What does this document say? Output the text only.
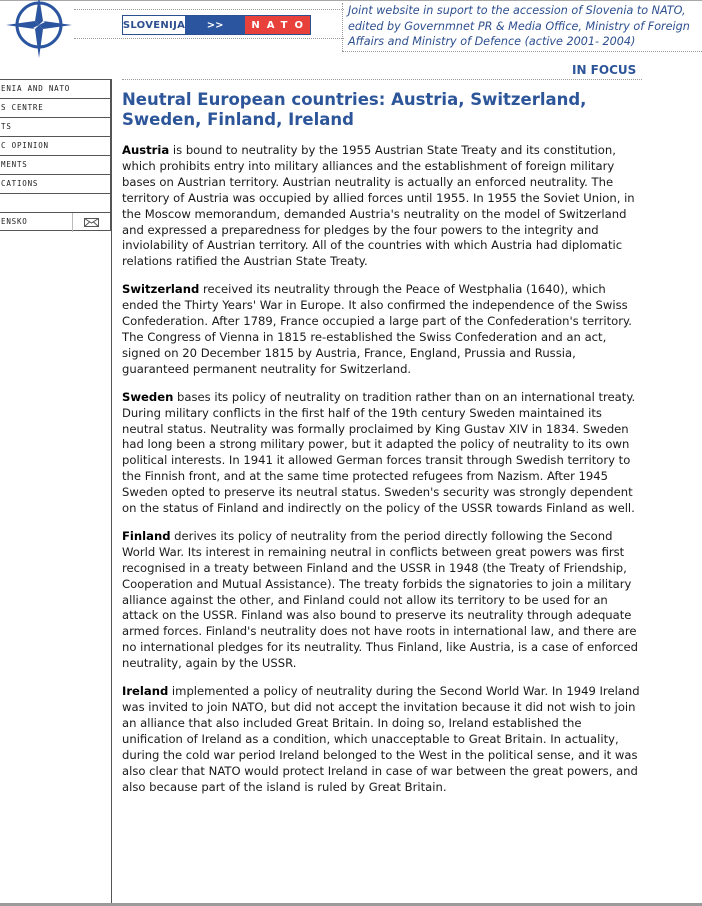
SLOVENIJA	>>	NATO
Joint website in suport to the accession of Slovenia to NATO, edited by Governmnet PR & Media Office, Ministry of Foreign Affairs and Ministry of Defence (active 2001- 2004)
IN FOCUS
ENIA AND NATO
S CENTRE
TS
C OPINION
MENTS
CATIONS
ENSKO
Neutral European countries: Austria, Switzerland, Sweden, Finland, Ireland

Austria is bound to neutrality by the 1955 Austrian State Treaty and its constitution, which prohibits entry into military alliances and the establishment of foreign military bases on Austrian territory. Austrian neutrality is actually an enforced neutrality. The territory of Austria was occupied by allied forces until 1955. In 1955 the Soviet Union, in the Moscow memorandum, demanded Austria's neutrality on the model of Switzerland and expressed a preparedness for pledges by the four powers to the integrity and inviolability of Austrian territory. All of the countries with which Austria had diplomatic relations ratified the Austrian State Treaty.

Switzerland received its neutrality through the Peace of Westphalia (1640), which ended the Thirty Years' War in Europe. It also confirmed the independence of the Swiss Confederation. After 1789, France occupied a large part of the Confederation's territory. The Congress of Vienna in 1815 re-established the Swiss Confederation and an act, signed on 20 December 1815 by Austria, France, England, Prussia and Russia, guaranteed permanent neutrality for Switzerland.

Sweden bases its policy of neutrality on tradition rather than on an international treaty. During military conflicts in the first half of the 19th century Sweden maintained its neutral status. Neutrality was formally proclaimed by King Gustav XIV in 1834. Sweden had long been a strong military power, but it adapted the policy of neutrality to its own political interests. In 1941 it allowed German forces transit through Swedish territory to the Finnish front, and at the same time protected refugees from Nazism. After 1945 Sweden opted to preserve its neutral status. Sweden's security was strongly dependent on the status of Finland and indirectly on the policy of the USSR towards Finland as well.

Finland derives its policy of neutrality from the period directly following the Second World War. Its interest in remaining neutral in conflicts between great powers was first recognised in a treaty between Finland and the USSR in 1948 (the Treaty of Friendship, Cooperation and Mutual Assistance). The treaty forbids the signatories to join a military alliance against the other, and Finland could not allow its territory to be used for an attack on the USSR. Finland was also bound to preserve its neutrality through adequate armed forces. Finland's neutrality does not have roots in international law, and there are no international pledges for its neutrality. Thus Finland, like Austria, is a case of enforced neutrality, again by the USSR.

Ireland implemented a policy of neutrality during the Second World War. In 1949 Ireland was invited to join NATO, but did not accept the invitation because it did not wish to join an alliance that also included Great Britain. In doing so, Ireland established the unification of Ireland as a condition, which unacceptable to Great Britain. In actuality, during the cold war period Ireland belonged to the West in the political sense, and it was also clear that NATO would protect Ireland in case of war between the great powers, and also because part of the island is ruled by Great Britain.
